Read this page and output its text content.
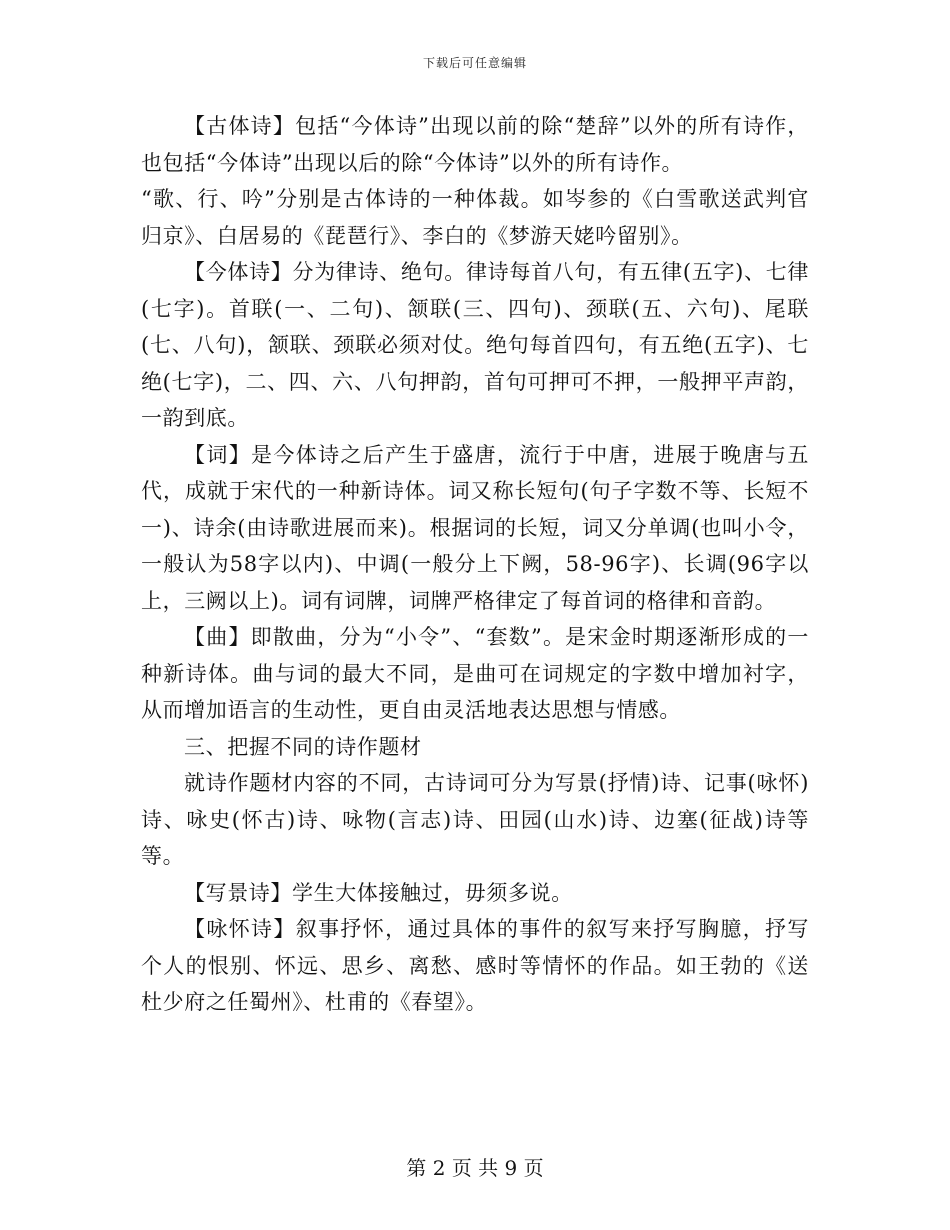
下载后可任意编辑

【古体诗】包括“今体诗”出现以前的除“楚辞”以外的所有诗作，也包括“今体诗”出现以后的除“今体诗”以外的所有诗作。

“歌、行、吟”分别是古体诗的一种体裁。如岑参的《白雪歌送武判官归京》、白居易的《琵琶行》、李白的《梦游天姥吟留别》。

【今体诗】分为律诗、绝句。律诗每首八句，有五律(五字)、七律(七字)。首联(一、二句)、颔联(三、四句)、颈联(五、六句)、尾联(七、八句)，颔联、颈联必须对仗。绝句每首四句，有五绝(五字)、七绝(七字)，二、四、六、八句押韵，首句可押可不押，一般押平声韵，一韵到底。

【词】是今体诗之后产生于盛唐，流行于中唐，进展于晚唐与五代，成就于宋代的一种新诗体。词又称长短句(句子字数不等、长短不一)、诗余(由诗歌进展而来)。根据词的长短，词又分单调(也叫小令，一般认为58字以内)、中调(一般分上下阙，58-96字)、长调(96字以上，三阙以上)。词有词牌，词牌严格律定了每首词的格律和音韵。

【曲】即散曲，分为“小令”、“套数”。是宋金时期逐渐形成的一种新诗体。曲与词的最大不同，是曲可在词规定的字数中增加衬字，从而增加语言的生动性，更自由灵活地表达思想与情感。

三、把握不同的诗作题材

就诗作题材内容的不同，古诗词可分为写景(抒情)诗、记事(咏怀)诗、咏史(怀古)诗、咏物(言志)诗、田园(山水)诗、边塞(征战)诗等等。

【写景诗】学生大体接触过，毋须多说。

【咏怀诗】叙事抒怀，通过具体的事件的叙写来抒写胸臆，抒写个人的恨别、怀远、思乡、离愁、感时等情怀的作品。如王勃的《送杜少府之任蜀州》、杜甫的《春望》。

第 2 页 共 9 页
